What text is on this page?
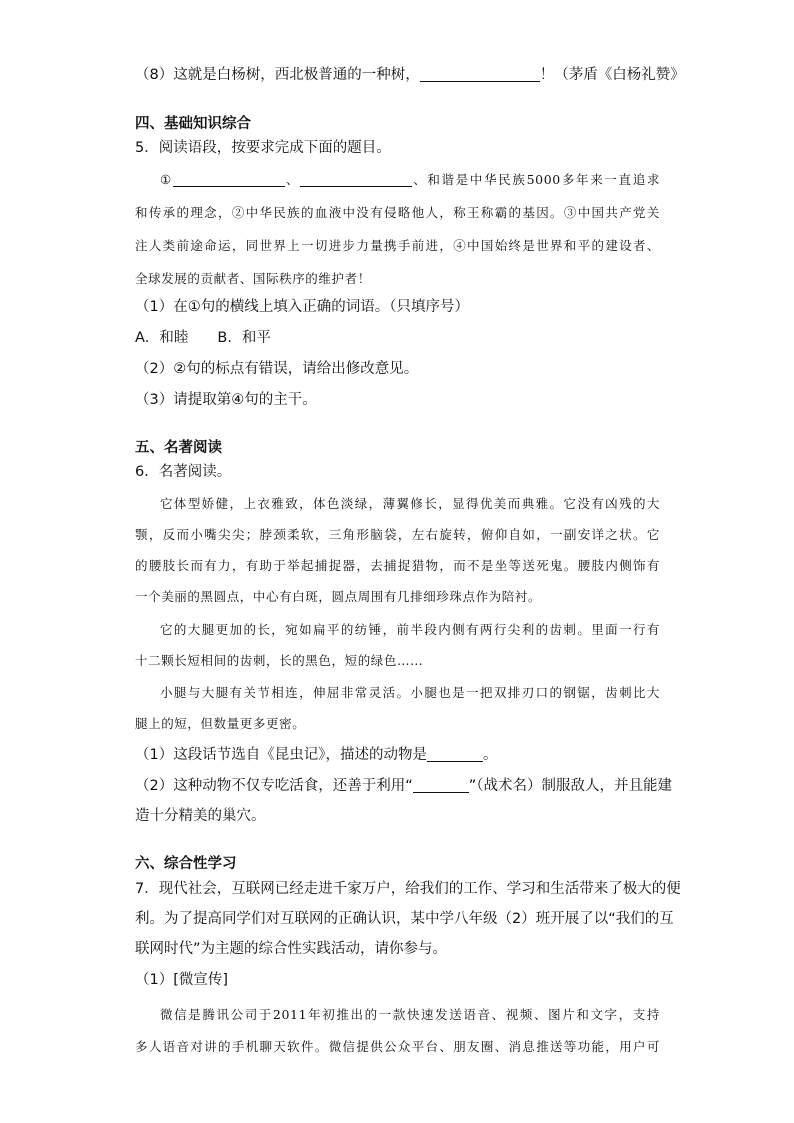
（8）这就是白杨树，西北极普通的一种树，	！（茅盾《白杨礼赞》
四、基础知识综合
5．阅读语段，按要求完成下面的题目。
①	、	、和谐是中华民族5000多年来一直追求
和传承的理念，②中华民族的血液中没有侵略他人，称王称霸的基因。③中国共产党关
注人类前途命运，同世界上一切进步力量携手前进，④中国始终是世界和平的建设者、
全球发展的贡献者、国际秩序的维护者！
（1）在①句的横线上填入正确的词语。（只填序号）
A．和睦　　B．和平
（2）②句的标点有错误，请给出修改意见。
（3）请提取第④句的主干。
五、名著阅读
6．名著阅读。
它体型娇健，上衣雅致，体色淡绿，薄翼修长，显得优美而典雅。它没有凶残的大
颚，反而小嘴尖尖；脖颈柔软，三角形脑袋，左右旋转，俯仰自如，一副安详之状。它
的腰肢长而有力，有助于举起捕捉器，去捕捉猎物，而不是坐等送死鬼。腰肢内侧饰有
一个美丽的黑圆点，中心有白斑，圆点周围有几排细珍珠点作为陪衬。
它的大腿更加的长，宛如扁平的纺锤，前半段内侧有两行尖利的齿刺。里面一行有
十二颗长短相间的齿刺，长的黑色，短的绿色……
小腿与大腿有关节相连，伸屈非常灵活。小腿也是一把双排刃口的钢锯，齿刺比大
腿上的短，但数量更多更密。
（1）这段话节选自《昆虫记》，描述的动物是	。
（2）这种动物不仅专吃活食，还善于利用“	”（战术名）制服敌人，并且能建
造十分精美的巢穴。
六、综合性学习
7．现代社会，互联网已经走进千家万户，给我们的工作、学习和生活带来了极大的便
利。为了提高同学们对互联网的正确认识，某中学八年级（2）班开展了以“我们的互
联网时代”为主题的综合性实践活动，请你参与。
（1）[微宣传]
微信是腾讯公司于2011年初推出的一款快速发送语音、视频、图片和文字，支持
多人语音对讲的手机聊天软件。微信提供公众平台、朋友圈、消息推送等功能，用户可
